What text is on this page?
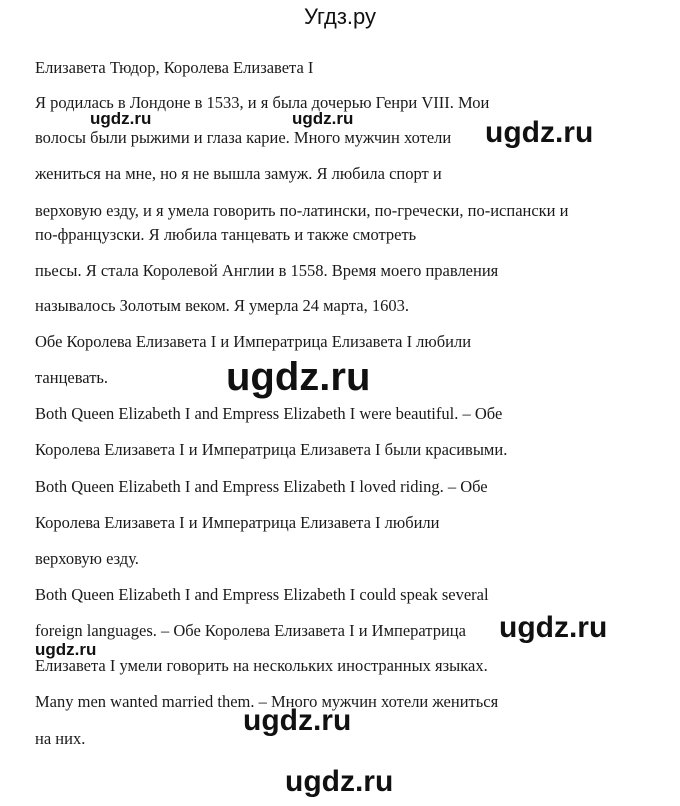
Угдз.ру
Елизавета Тюдор, Королева Елизавета I
Я родилась в Лондоне в 1533, и я была дочерью Генри VIII. Мои
волосы были рыжими и глаза карие. Много мужчин хотели
жениться на мне, но я не вышла замуж. Я любила спорт и
верховую езду, и я умела говорить по-латински, по-гречески, по-испански и
по-французски. Я любила танцевать и также смотреть
пьесы. Я стала Королевой Англии в 1558. Время моего правления
называлось Золотым веком. Я умерла 24 марта, 1603.
Обе Королева Елизавета I и Императрица Елизавета I любили
танцевать.
Both Queen Elizabeth I and Empress Elizabeth I were beautiful. – Обе
Королева Елизавета I и Императрица Елизавета I были красивыми.
Both Queen Elizabeth I and Empress Elizabeth I loved riding. – Обе
Королева Елизавета I и Императрица Елизавета I любили
верховую езду.
Both Queen Elizabeth I and Empress Elizabeth I could speak several
foreign languages. – Обе Королева Елизавета I и Императрица
Елизавета I умели говорить на нескольких иностранных языках.
Many men wanted married them. – Много мужчин хотели жениться
на них.
ugdz.ru	ugdz.ru	ugdz.ru
ugdz.ru
ugdz.ru
ugdz.ru
ugdz.ru
ugdz.ru
